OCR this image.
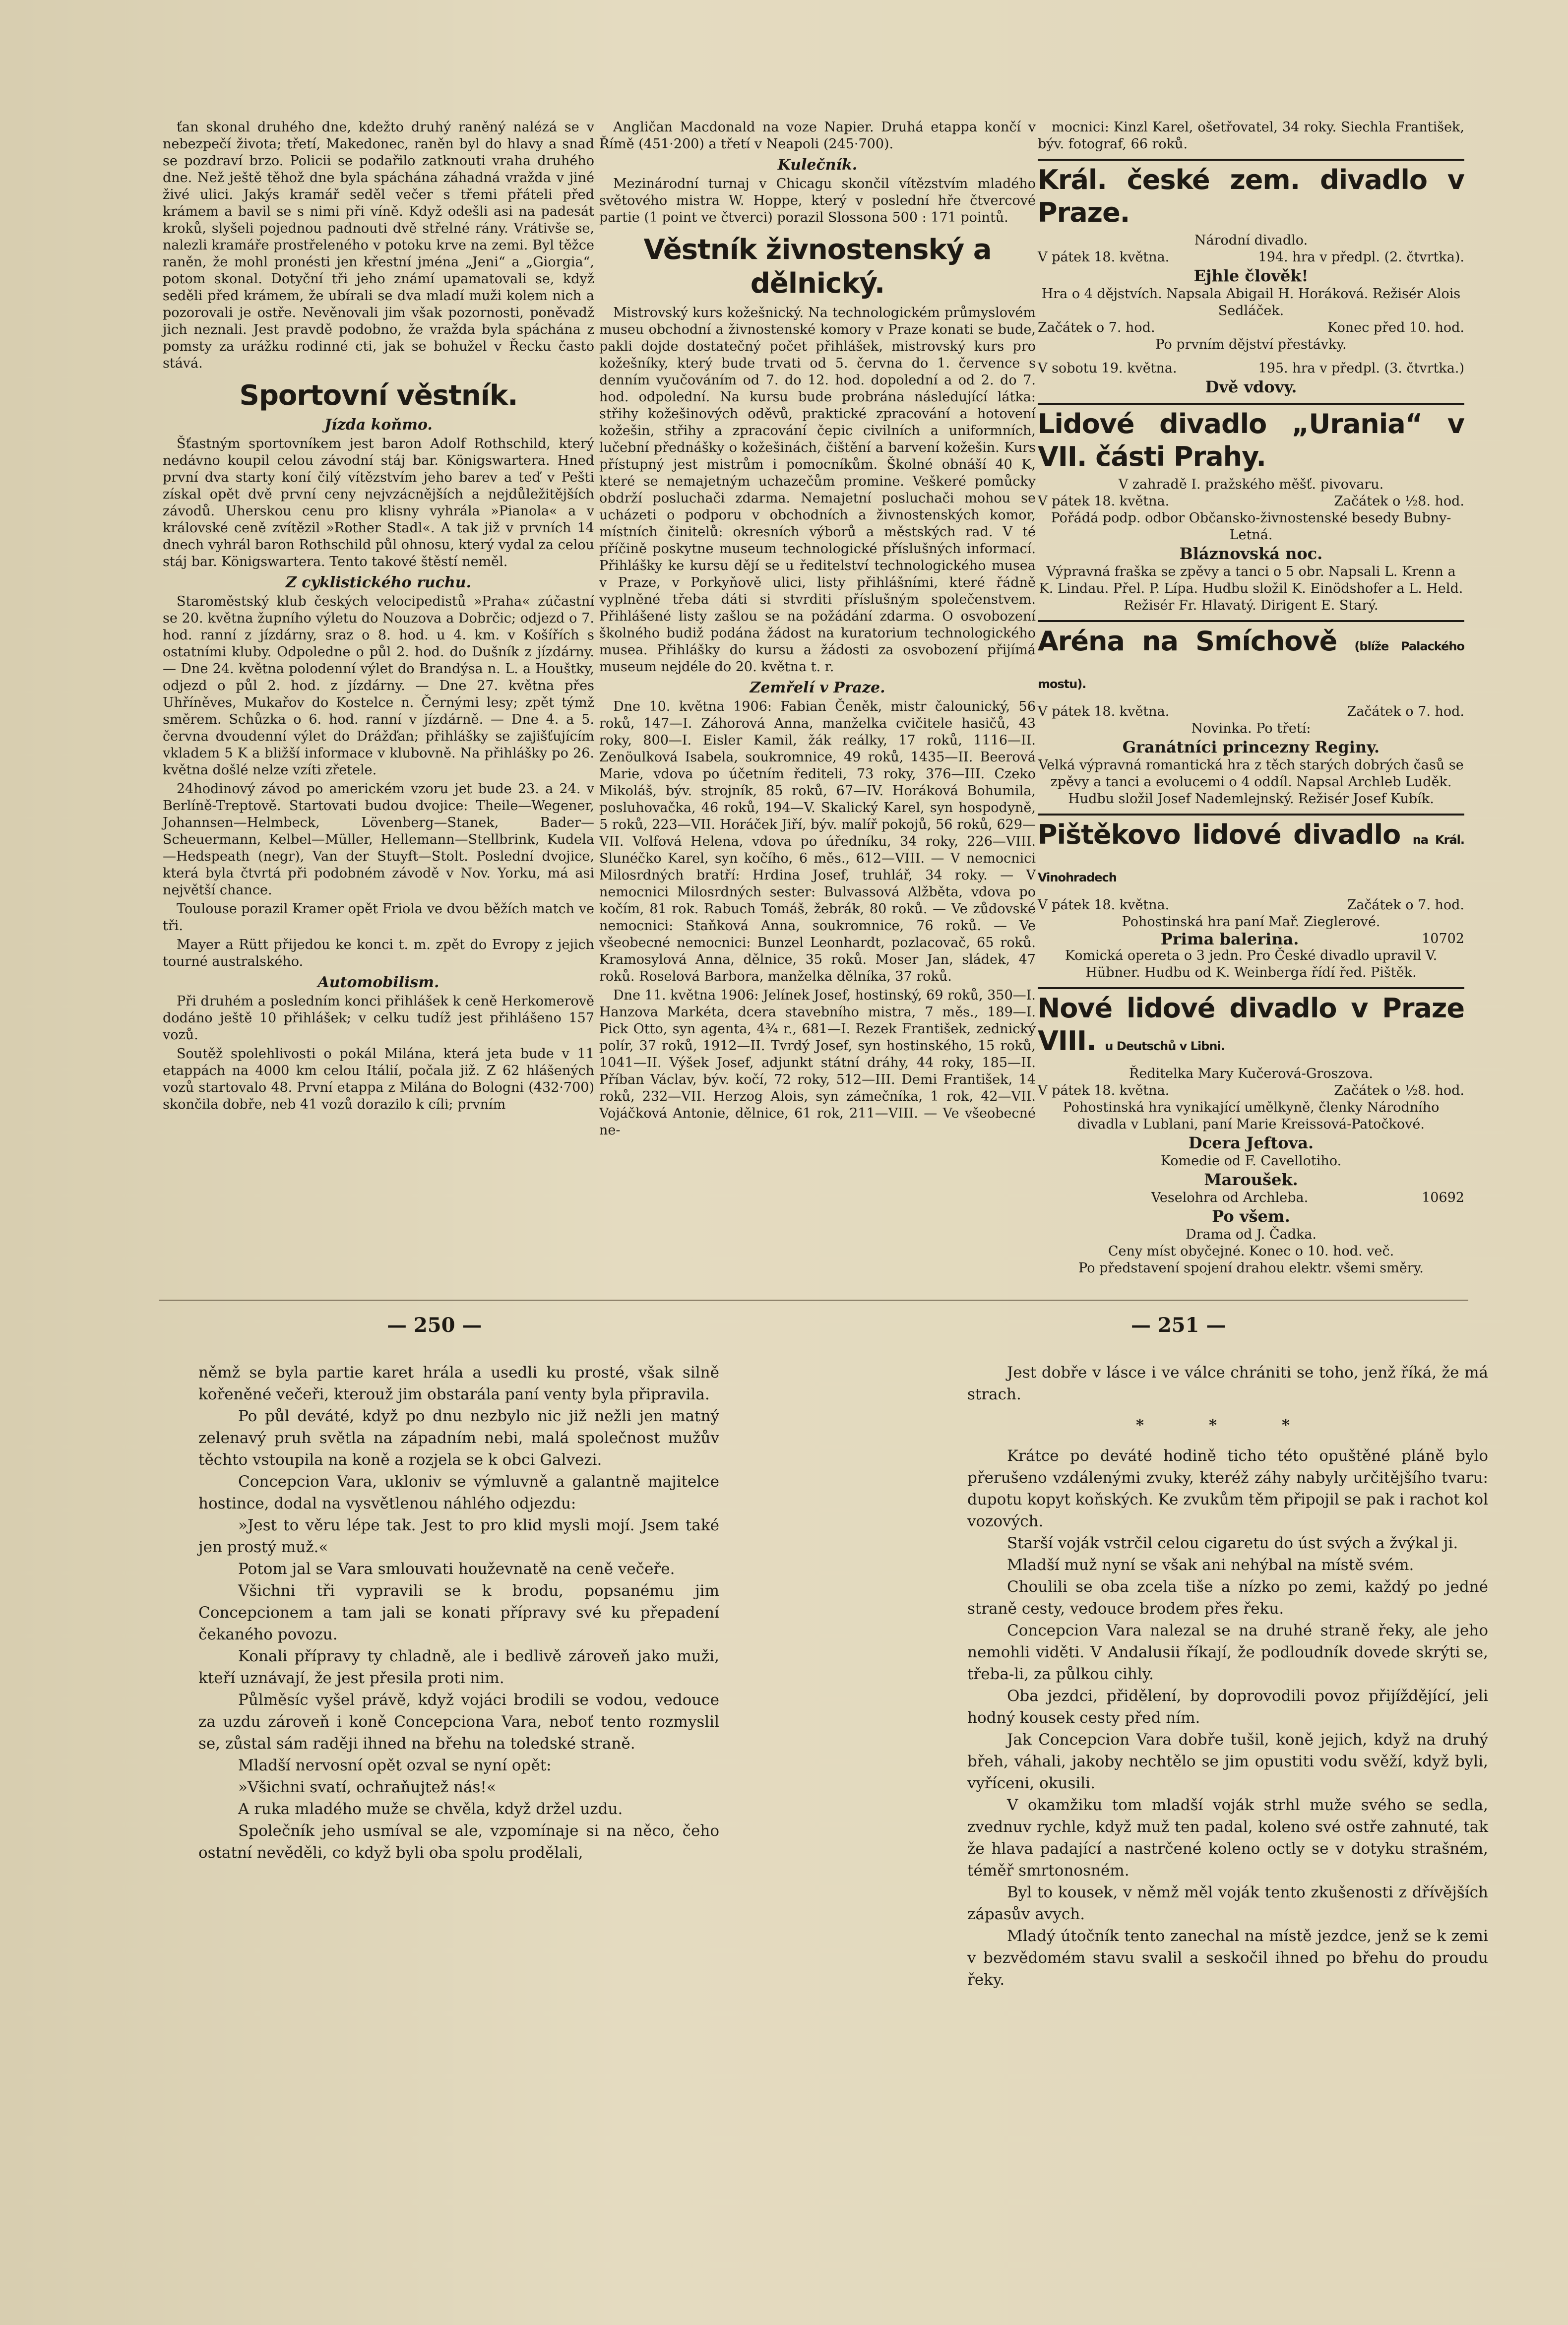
ťan skonal druhého dne, kdežto druhý raněný nalézá se v nebezpečí života; třetí, Makedonec, raněn byl do hlavy a snad se pozdraví brzo. Policii se podařilo zatknouti vraha druhého dne. Než ještě těhož dne byla spáchána záhadná vražda v jiné živé ulici. Jakýs kramář seděl večer s třemi přáteli před krámem a bavil se s nimi při víně. Když odešli asi na padesát kroků, slyšeli pojednou padnouti dvě střelné rány. Vrátivše se, nalezli kramáře prostřeleného v potoku krve na zemi. Byl těžce raněn, že mohl pronésti jen křestní jména „Jeni“ a „Giorgia“, potom skonal. Dotyční tři jeho známí upamatovali se, když seděli před krámem, že ubírali se dva mladí muži kolem nich a pozorovali je ostře. Nevěnovali jim však pozornosti, poněvadž jich neznali. Jest pravdě podobno, že vražda byla spáchána z pomsty za urážku rodinné cti, jak se bohužel v Řecku často stává.

Sportovní věstník.
Jízda koňmo.

Šťastným sportovníkem jest baron Adolf Rothschild, který nedávno koupil celou závodní stáj bar. Königswartera. Hned první dva starty koní čilý vítězstvím jeho barev a teď v Pešti získal opět dvě první ceny nejvzácnějších a nejdůležitějších závodů. Uherskou cenu pro klisny vyhrála »Pianola« a v královské ceně zvítězil »Rother Stadl«. A tak již v prvních 14 dnech vyhrál baron Rothschild půl ohnosu, který vydal za celou stáj bar. Königswartera. Tento takové štěstí neměl.

Z cyklistického ruchu.

Staroměstský klub českých velocipedistů »Praha« zúčastní se 20. května župního výletu do Nouzova a Dobrčic; odjezd o 7. hod. ranní z jízdárny, sraz o 8. hod. u 4. km. v Košířích s ostatními kluby. Odpoledne o půl 2. hod. do Dušník z jízdárny. — Dne 24. května polodenní výlet do Brandýsa n. L. a Houštky, odjezd o půl 2. hod. z jízdárny. — Dne 27. května přes Uhříněves, Mukařov do Kostelce n. Černými lesy; zpět týmž směrem. Schůzka o 6. hod. ranní v jízdárně. — Dne 4. a 5. června dvoudenní výlet do Drážďan; přihlášky se zajišťujícím vkladem 5 K a bližší informace v klubovně. Na přihlášky po 26. května došlé nelze vzíti zřetele.

24hodinový závod po americkém vzoru jet bude 23. a 24. v Berlíně-Treptově. Startovati budou dvojice: Theile—Wegener, Johannsen—Helmbeck, Lövenberg—Stanek, Bader—Scheuermann, Kelbel—Müller, Hellemann—Stellbrink, Kudela—Hedspeath (negr), Van der Stuyft—Stolt. Poslední dvojice, která byla čtvrtá při podobném závodě v Nov. Yorku, má asi největší chance.

Toulouse porazil Kramer opět Friola ve dvou běžích match ve tři.

Mayer a Rütt přijedou ke konci t. m. zpět do Evropy z jejich tourné australského.

Automobilism.

Při druhém a posledním konci přihlášek k ceně Herkomerově dodáno ještě 10 přihlášek; v celku tudíž jest přihlášeno 157 vozů.

Soutěž spolehlivosti o pokál Milána, která jeta bude v 11 etappách na 4000 km celou Itálií, počala již. Z 62 hlášených vozů startovalo 48. První etappa z Milána do Bologni (432·700) skončila dobře, neb 41 vozů dorazilo k cíli; prvním

Angličan Macdonald na voze Napier. Druhá etappa končí v Římě (451·200) a třetí v Neapoli (245·700).

Kulečník.

Mezinárodní turnaj v Chicagu skončil vítězstvím mladého světového mistra W. Hoppe, který v poslední hře čtvercové partie (1 point ve čtverci) porazil Slossona 500 : 171 pointů.

Věstník živnostenský a dělnický.

Mistrovský kurs kožešnický. Na technologickém průmyslovém museu obchodní a živnostenské komory v Praze konati se bude, pakli dojde dostatečný počet přihlášek, mistrovský kurs pro kožešníky, který bude trvati od 5. června do 1. července s denním vyučováním od 7. do 12. hod. dopolední a od 2. do 7. hod. odpolední. Na kursu bude probrána následující látka: střihy kožešinových oděvů, praktické zpracování a hotovení kožešin, střihy a zpracování čepic civilních a uniformních, lučební přednášky o kožešinách, čištění a barvení kožešin. Kurs přístupný jest mistrům i pomocníkům. Školné obnáší 40 K, které se nemajetným uchazečům promine. Veškeré pomůcky obdrží posluchači zdarma. Nemajetní posluchači mohou se ucházeti o podporu v obchodních a živnostenských komor, místních činitelů: okresních výborů a městských rad. V té příčině poskytne museum technologické příslušných informací. Přihlášky ke kursu dějí se u ředitelství technologického musea v Praze, v Porkyňově ulici, listy přihlášními, které řádně vyplněné třeba dáti si stvrditi příslušným společenstvem. Přihlášené listy zašlou se na požádání zdarma. O osvobození školného budiž podána žádost na kuratorium technologického musea. Přihlášky do kursu a žádosti za osvobození přijímá museum nejdéle do 20. května t. r.

Zemřelí v Praze.

Dne 10. května 1906: Fabian Čeněk, mistr čalounický, 56 roků, 147—I. Záhorová Anna, manželka cvičitele hasičů, 43 roky, 800—I. Eisler Kamil, žák reálky, 17 roků, 1116—II. Zenöulková Isabela, soukromnice, 49 roků, 1435—II. Beerová Marie, vdova po účetním řediteli, 73 roky, 376—III. Czeko Mikoláš, býv. strojník, 85 roků, 67—IV. Horáková Bohumila, posluhovačka, 46 roků, 194—V. Skalický Karel, syn hospodyně, 5 roků, 223—VII. Horáček Jiří, býv. malíř pokojů, 56 roků, 629—VII. Volfová Helena, vdova po úředníku, 34 roky, 226—VIII. Slunéčko Karel, syn kočího, 6 měs., 612—VIII. — V nemocnici Milosrdných bratří: Hrdina Josef, truhlář, 34 roky. — V nemocnici Milosrdných sester: Bulvassová Alžběta, vdova po kočím, 81 rok. Rabuch Tomáš, žebrák, 80 roků. — Ve zůdovské nemocnici: Staňková Anna, soukromnice, 76 roků. — Ve všeobecné nemocnici: Bunzel Leonhardt, pozlacovač, 65 roků. Kramosylová Anna, dělnice, 35 roků. Moser Jan, sládek, 47 roků. Roselová Barbora, manželka dělníka, 37 roků.

Dne 11. května 1906: Jelínek Josef, hostinský, 69 roků, 350—I. Hanzova Markéta, dcera stavebního mistra, 7 měs., 189—I. Pick Otto, syn agenta, 4¾ r., 681—I. Rezek František, zednický polír, 37 roků, 1912—II. Tvrdý Josef, syn hostinského, 15 roků, 1041—II. Výšek Josef, adjunkt státní dráhy, 44 roky, 185—II. Příban Václav, býv. kočí, 72 roky, 512—III. Demi František, 14 roků, 232—VII. Herzog Alois, syn zámečníka, 1 rok, 42—VII. Vojáčková Antonie, dělnice, 61 rok, 211—VIII. — Ve všeobecné ne-

mocnici: Kinzl Karel, ošetřovatel, 34 roky. Siechla František, býv. fotograf, 66 roků.

Král. české zem. divadlo v Praze.
Národní divadlo.
V pátek 18. května.	194. hra v předpl. (2. čtvrtka).
Ejhle člověk!
Hra o 4 dějstvích. Napsala Abigail H. Horáková. Režisér Alois Sedláček.
Začátek o 7. hod.	Konec před 10. hod.
Po prvním dějství přestávky.
V sobotu 19. května.	195. hra v předpl. (3. čtvrtka.)
Dvě vdovy.
Lidové divadlo „Urania“ v VII. části Prahy.
V zahradě I. pražského měšť. pivovaru.
V pátek 18. května.	Začátek o ½8. hod.
Pořádá podp. odbor Občansko-živnostenské besedy Bubny-Letná.
Bláznovská noc.
Výpravná fraška se zpěvy a tanci o 5 obr. Napsali L. Krenn a K. Lindau. Přel. P. Lípa. Hudbu složil K. Einödshofer a L. Held. Režisér Fr. Hlavatý. Dirigent E. Starý.
Aréna na Smíchově (blíže Palackého mostu).
V pátek 18. května.	Začátek o 7. hod.
Novinka. Po třetí:
Granátníci princezny Reginy.
Velká výpravná romantická hra z těch starých dobrých časů se zpěvy a tanci a evolucemi o 4 oddíl. Napsal Archleb Luděk. Hudbu složil Josef Nademlejnský. Režisér Josef Kubík.
Pištěkovo lidové divadlo na Král. Vinohradech
V pátek 18. května.	Začátek o 7. hod.
Pohostinská hra paní Mař. Zieglerové.
Prima balerina.	10702
Komická opereta o 3 jedn. Pro České divadlo upravil V. Hübner. Hudbu od K. Weinberga řídí řed. Pištěk.
Nové lidové divadlo v Praze VIII. u Deutschů v Libni.
Ředitelka Mary Kučerová-Groszova.
V pátek 18. května.	Začátek o ½8. hod.
Pohostinská hra vynikající umělkyně, členky Národního divadla v Lublani, paní Marie Kreissová-Patočkové.
Dcera Jeftova.
Komedie od F. Cavellotiho.
Maroušek.
Veselohra od Archleba.	10692
Po všem.
Drama od J. Čadka.
Ceny míst obyčejné. Konec o 10. hod. več.
Po představení spojení drahou elektr. všemi směry.
— 250 —	— 251 —

němž se byla partie karet hrála a usedli ku prosté, však silně kořeněné večeři, kterouž jim obstarála paní venty byla připravila.

Po půl deváté, když po dnu nezbylo nic již nežli jen matný zelenavý pruh světla na západním nebi, malá společnost mužův těchto vstoupila na koně a rozjela se k obci Galvezi.

Concepcion Vara, ukloniv se výmluvně a galantně majitelce hostince, dodal na vysvětlenou náhlého odjezdu:

»Jest to věru lépe tak. Jest to pro klid mysli mojí. Jsem také jen prostý muž.«

Potom jal se Vara smlouvati houževnatě na ceně večeře.

Všichni tři vypravili se k brodu, popsanému jim Concepcionem a tam jali se konati přípravy své ku přepadení čekaného povozu.

Konali přípravy ty chladně, ale i bedlivě zároveň jako muži, kteří uznávají, že jest přesila proti nim.

Půlměsíc vyšel právě, když vojáci brodili se vodou, vedouce za uzdu zároveň i koně Concepciona Vara, neboť tento rozmyslil se, zůstal sám raději ihned na břehu na toledské straně.

Mladší nervosní opět ozval se nyní opět:

»Všichni svatí, ochraňujtež nás!«

A ruka mladého muže se chvěla, když držel uzdu.

Společník jeho usmíval se ale, vzpomínaje si na něco, čeho ostatní nevěděli, co když byli oba spolu prodělali,

Jest dobře v lásce i ve válce chrániti se toho, jenž říká, že má strach.

* * *

Krátce po deváté hodině ticho této opuštěné pláně bylo přerušeno vzdálenými zvuky, kteréž záhy nabyly určitějšího tvaru: dupotu kopyt koňských. Ke zvukům těm připojil se pak i rachot kol vozových.

Starší voják vstrčil celou cigaretu do úst svých a žvýkal ji.

Mladší muž nyní se však ani nehýbal na místě svém.

Choulili se oba zcela tiše a nízko po zemi, každý po jedné straně cesty, vedouce brodem přes řeku.

Concepcion Vara nalezal se na druhé straně řeky, ale jeho nemohli viděti. V Andalusii říkají, že podloudník dovede skrýti se, třeba-li, za půlkou cihly.

Oba jezdci, přidělení, by doprovodili povoz přijíždějící, jeli hodný kousek cesty před ním.

Jak Concepcion Vara dobře tušil, koně jejich, když na druhý břeh, váhali, jakoby nechtělo se jim opustiti vodu svěží, když byli, vyříceni, okusili.

V okamžiku tom mladší voják strhl muže svého se sedla, zvednuv rychle, když muž ten padal, koleno své ostře zahnuté, tak že hlava padající a nastrčené koleno octly se v dotyku strašném, téměř smrtonosném.

Byl to kousek, v němž měl voják tento zkušenosti z dřívějších zápasův avych.

Mladý útočník tento zanechal na místě jezdce, jenž se k zemi v bezvědomém stavu svalil a seskočil ihned po břehu do proudu řeky.
